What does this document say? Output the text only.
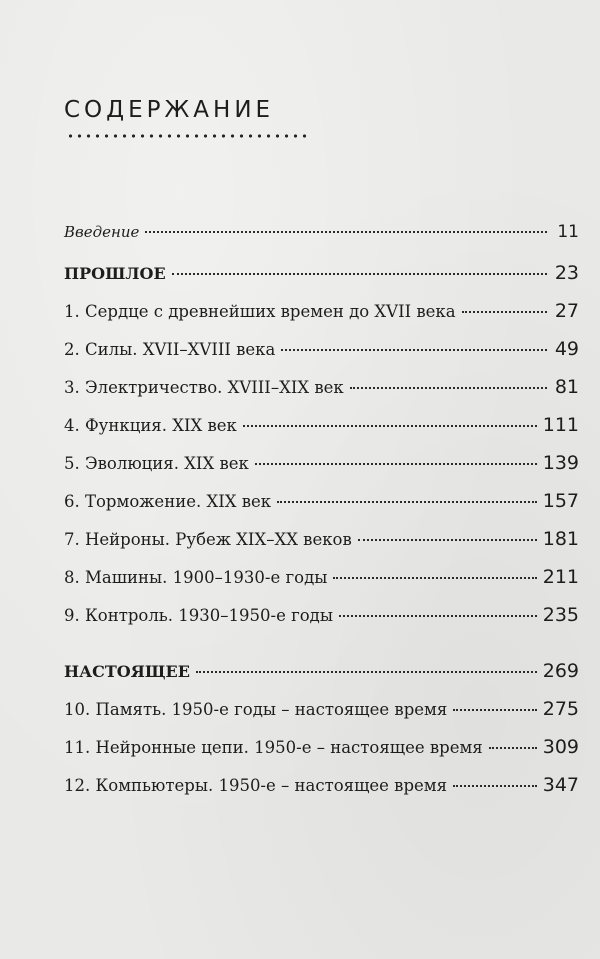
содержание
Введение	11
ПРОШЛОЕ	23
1. Сердце с древнейших времен до XVII века	27
2. Силы. XVII–XVIII века	49
3. Электричество. XVIII–XIX век	81
4. Функция. XIX век	111
5. Эволюция. XIX век	139
6. Торможение. XIX век	157
7. Нейроны. Рубеж XIX–XX веков	181
8. Машины. 1900–1930-е годы	211
9. Контроль. 1930–1950-е годы	235
НАСТОЯЩЕЕ	269
10. Память. 1950-е годы – настоящее время	275
11. Нейронные цепи. 1950-е – настоящее время	309
12. Компьютеры. 1950-е – настоящее время	347
